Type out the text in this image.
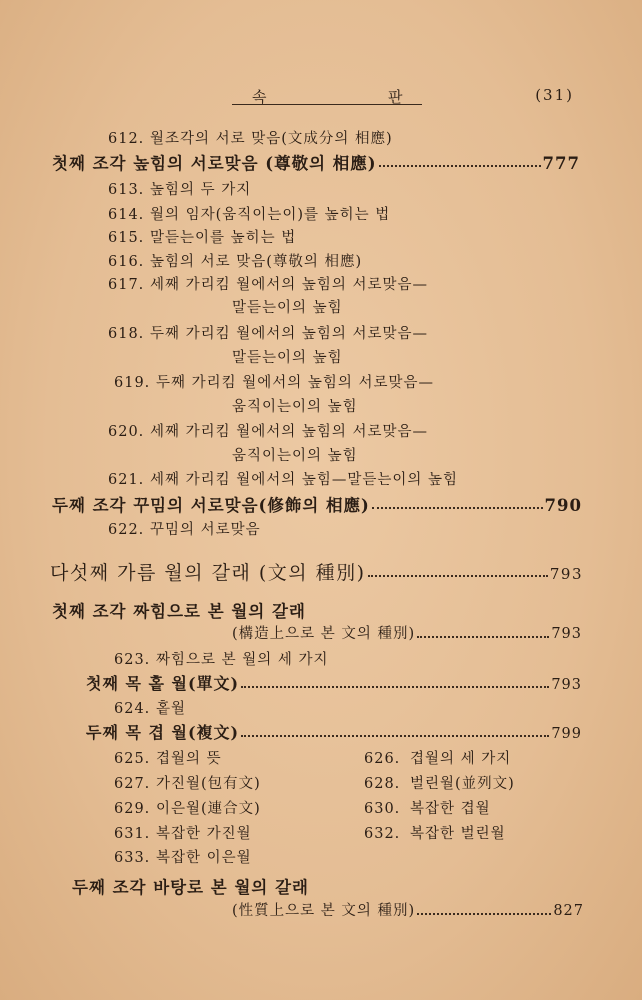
속	판	(31)
612. 월조각의 서로 맞음(文成分의 相應)
첫째 조각 높힘의 서로맞음 (尊敬의 相應)	777
613. 높힘의 두 가지
614. 월의 임자(움직이는이)를 높히는 법
615. 말듣는이를 높히는 법
616. 높힘의 서로 맞음(尊敬의 相應)
617. 세째 가리킴 월에서의 높힘의 서로맞음—
말듣는이의 높힘
618. 두째 가리킴 월에서의 높힘의 서로맞음—
말듣는이의 높힘
619. 두째 가리킴 월에서의 높힘의 서로맞음—
움직이는이의 높힘
620. 세째 가리킴 월에서의 높힘의 서로맞음—
움직이는이의 높힘
621. 세째 가리킴 월에서의 높힘—말듣는이의 높힘
두째 조각 꾸밈의 서로맞음(修飾의 相應)	790
622. 꾸밈의 서로맞음
다섯째 가름 월의 갈래 (文의 種別)	793
첫째 조각 짜힘으로 본 월의 갈래
(構造上으로 본 文의 種別)	793
623. 짜힘으로 본 월의 세 가지
첫째 목 홑 월(單文)	793
624. 홑월
두째 목 겹 월(複文)	799
625. 겹월의 뜻	626. 겹월의 세 가지
627. 가진월(包有文)	628. 벌린월(並列文)
629. 이은월(連合文)	630. 복잡한 겹월
631. 복잡한 가진월	632. 복잡한 벌린월
633. 복잡한 이은월
두째 조각 바탕로 본 월의 갈래
(性質上으로 본 文의 種別)	827
